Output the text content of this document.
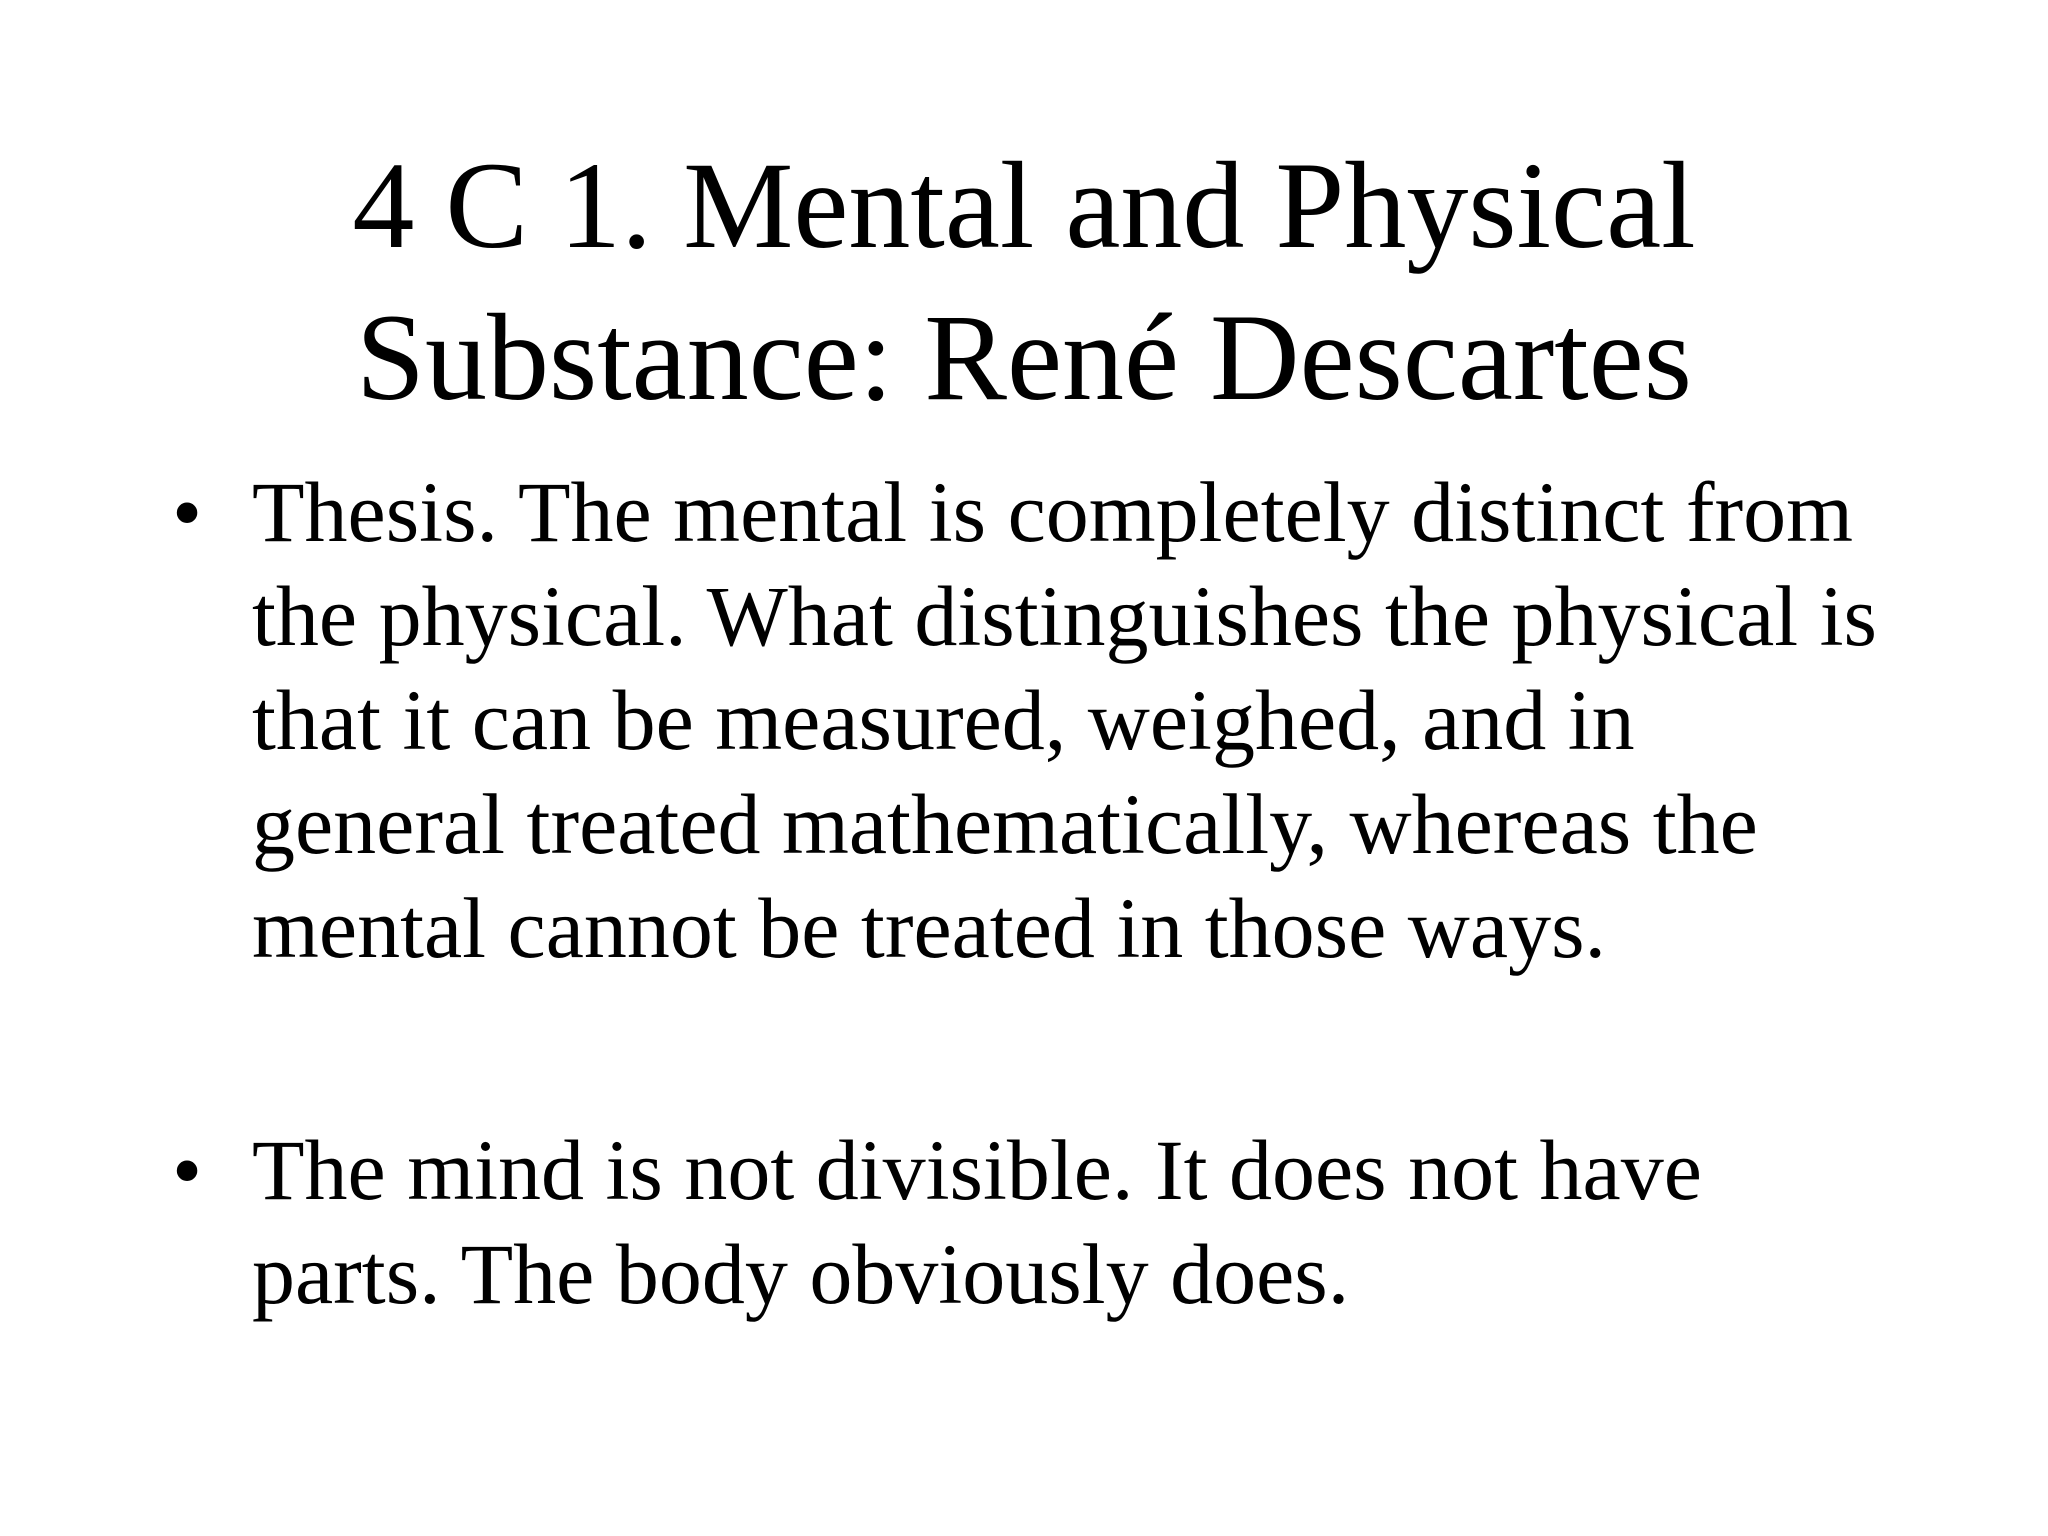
4 C 1. Mental and Physical
Substance: René Descartes
• Thesis. The mental is completely distinct from
the physical. What distinguishes the physical is
that it can be measured, weighed, and in
general treated mathematically, whereas the
mental cannot be treated in those ways.
• The mind is not divisible. It does not have
parts. The body obviously does.
